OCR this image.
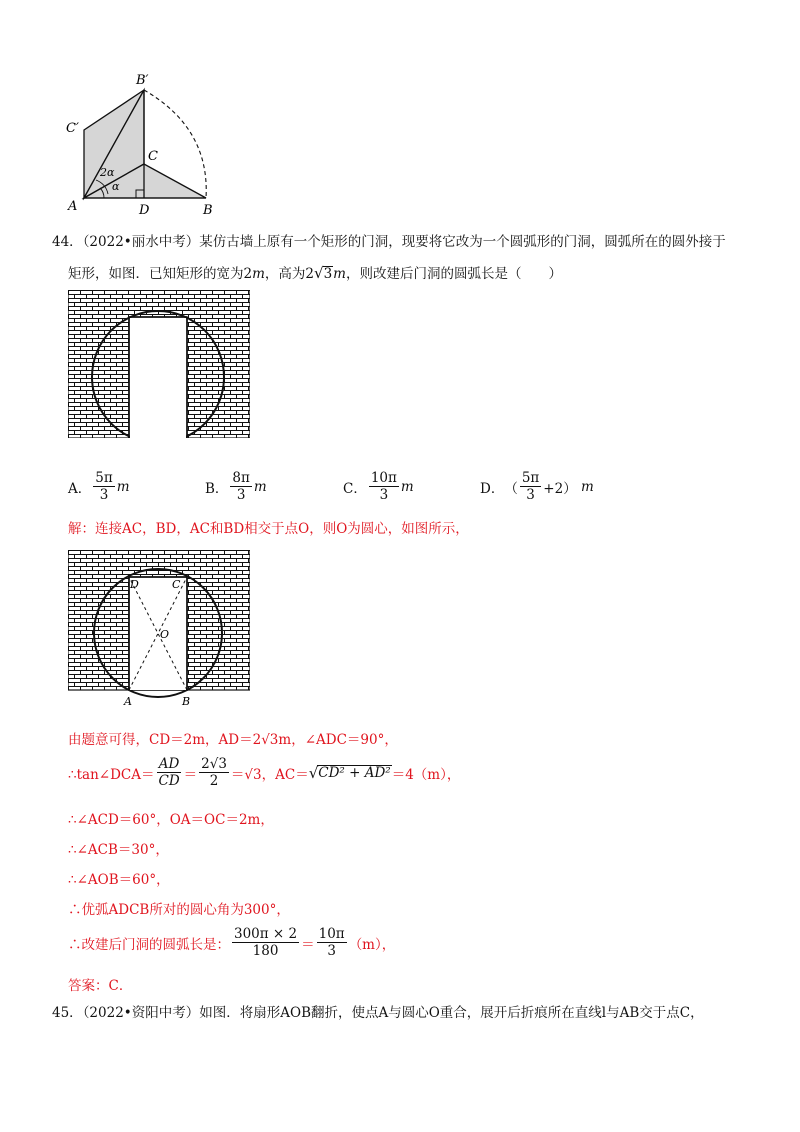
B′
C′
C
2α
α
A	D	B
44．（2022•丽水中考）某仿古墙上原有一个矩形的门洞，现要将它改为一个圆弧形的门洞，圆弧所在的圆外接于
矩形，如图．已知矩形的宽为2m，高为2√3m，则改建后门洞的圆弧长是（　　）
A． $\frac{5\pi}{3}$ m	B． $\frac{8\pi}{3}$ m	C． $\frac{10\pi}{3}$ m	D． （ $\frac{5\pi}{3} +2$）
m
解：连接AC，BD，AC和BD相交于点O，则O为圆心，如图所示，
D	C
O
A	B
由题意可得，CD＝2m，AD＝2√3m，∠ADC＝90°，
∴tan∠DCA＝ $\frac{AD}{CD} = \frac{2√3}{2} =√3$，AC＝ √ CD² + AD² ＝4（m），
∴∠ACD＝60°，OA＝OC＝2m，
∴∠ACB＝30°，
∴∠AOB＝60°，
∴优弧ADCB所对的圆心角为300°，
∴改建后门洞的圆弧长是： $\frac{300\pi \times 2}{180} = \frac{10\pi}{3} (m)$，
答案：C．
45．（2022•资阳中考）如图．将扇形AOB翻折，使点A与圆心O重合，展开后折痕所在直线l与AB交于点C，
